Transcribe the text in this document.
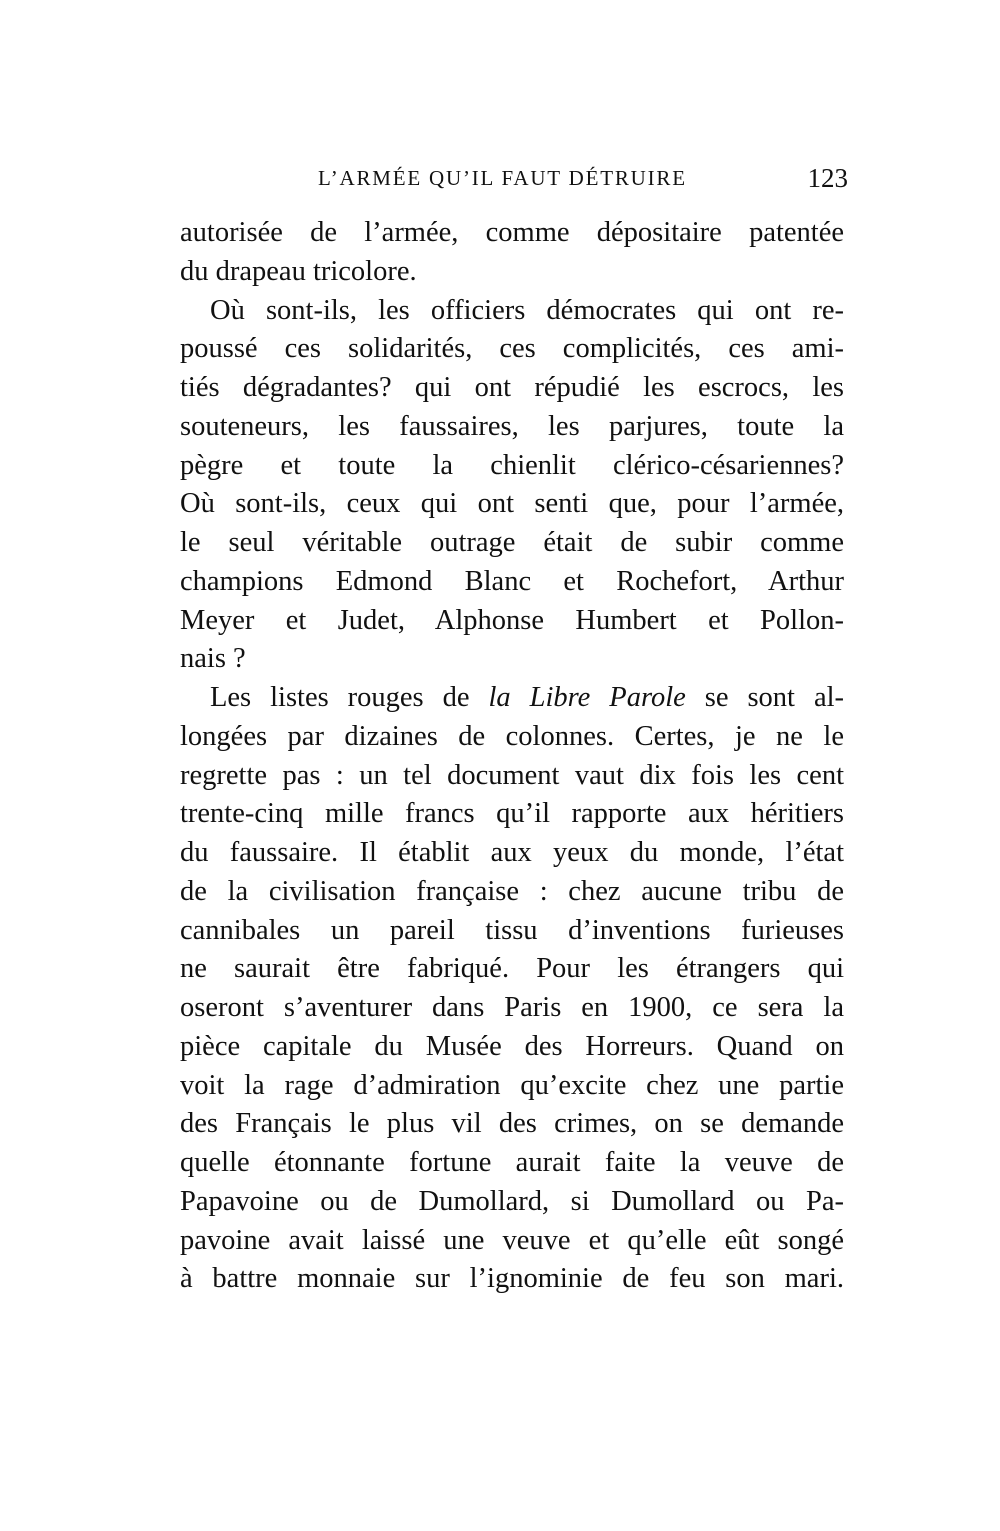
L’ARMÉE QU’IL FAUT DÉTRUIRE	123
autorisée de l’armée, comme dépositaire patentée
du drapeau tricolore.
Où sont-ils, les officiers démocrates qui ont re-
poussé ces solidarités, ces complicités, ces ami-
tiés dégradantes? qui ont répudié les escrocs, les
souteneurs, les faussaires, les parjures, toute la
pègre et toute la chienlit clérico-césariennes?
Où sont-ils, ceux qui ont senti que, pour l’armée,
le seul véritable outrage était de subir comme
champions Edmond Blanc et Rochefort, Arthur
Meyer et Judet, Alphonse Humbert et Pollon-
nais ?
Les listes rouges de la Libre Parole se sont al-
longées par dizaines de colonnes. Certes, je ne le
regrette pas : un tel document vaut dix fois les cent
trente-cinq mille francs qu’il rapporte aux héritiers
du faussaire. Il établit aux yeux du monde, l’état
de la civilisation française : chez aucune tribu de
cannibales un pareil tissu d’inventions furieuses
ne saurait être fabriqué. Pour les étrangers qui
oseront s’aventurer dans Paris en 1900, ce sera la
pièce capitale du Musée des Horreurs. Quand on
voit la rage d’admiration qu’excite chez une partie
des Français le plus vil des crimes, on se demande
quelle étonnante fortune aurait faite la veuve de
Papavoine ou de Dumollard, si Dumollard ou Pa-
pavoine avait laissé une veuve et qu’elle eût songé
à battre monnaie sur l’ignominie de feu son mari.
